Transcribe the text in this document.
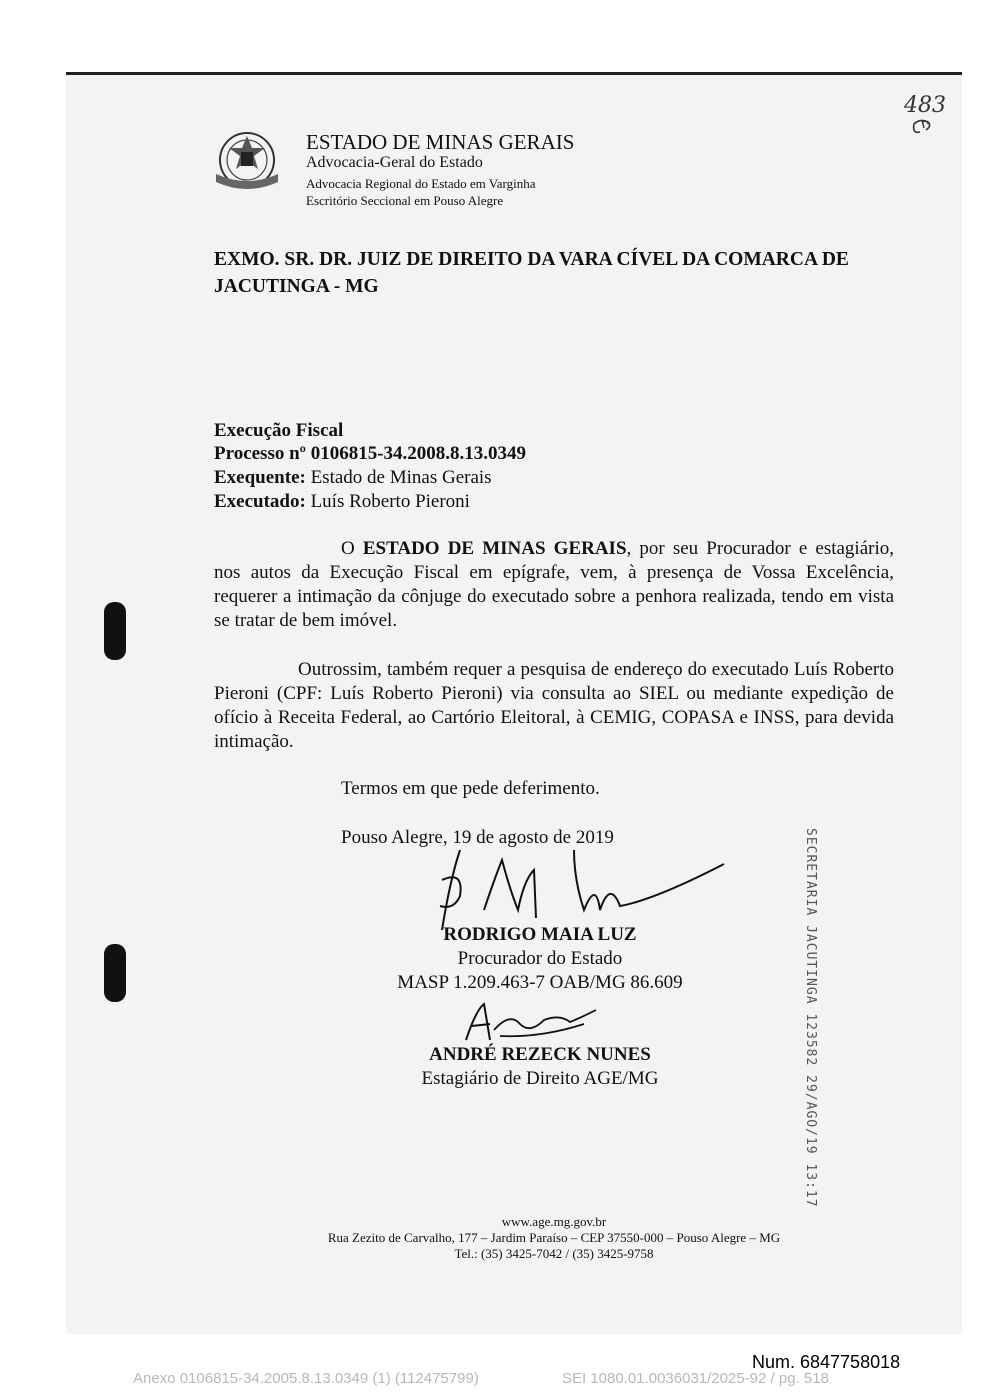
ESTADO DE MINAS GERAIS
Advocacia-Geral do Estado
Advocacia Regional do Estado em Varginha
Escritório Seccional em Pouso Alegre
483
EXMO. SR. DR. JUIZ DE DIREITO DA VARA CÍVEL DA COMARCA DE JACUTINGA - MG
Execução Fiscal
Processo nº 0106815-34.2008.8.13.0349
Exequente: Estado de Minas Gerais
Executado: Luís Roberto Pieroni
O ESTADO DE MINAS GERAIS, por seu Procurador e estagiário, nos autos da Execução Fiscal em epígrafe, vem, à presença de Vossa Excelência, requerer a intimação da cônjuge do executado sobre a penhora realizada, tendo em vista se tratar de bem imóvel.
Outrossim, também requer a pesquisa de endereço do executado Luís Roberto Pieroni (CPF: Luís Roberto Pieroni) via consulta ao SIEL ou mediante expedição de ofício à Receita Federal, ao Cartório Eleitoral, à CEMIG, COPASA e INSS, para devida intimação.
Termos em que pede deferimento.
Pouso Alegre, 19 de agosto de 2019
RODRIGO MAIA LUZ
Procurador do Estado
MASP 1.209.463-7 OAB/MG 86.609
ANDRÉ REZECK NUNES
Estagiário de Direito AGE/MG	SECRETARIA JACUTINGA 123582 29/AGO/19 13:17
www.age.mg.gov.br
Rua Zezito de Carvalho, 177 – Jardim Paraíso – CEP 37550-000 – Pouso Alegre – MG
Tel.: (35) 3425-7042 / (35) 3425-9758
Num. 6847758018
Anexo 0106815-34.2005.8.13.0349 (1) (112475799)	SEI 1080.01.0036031/2025-92 / pg. 518
